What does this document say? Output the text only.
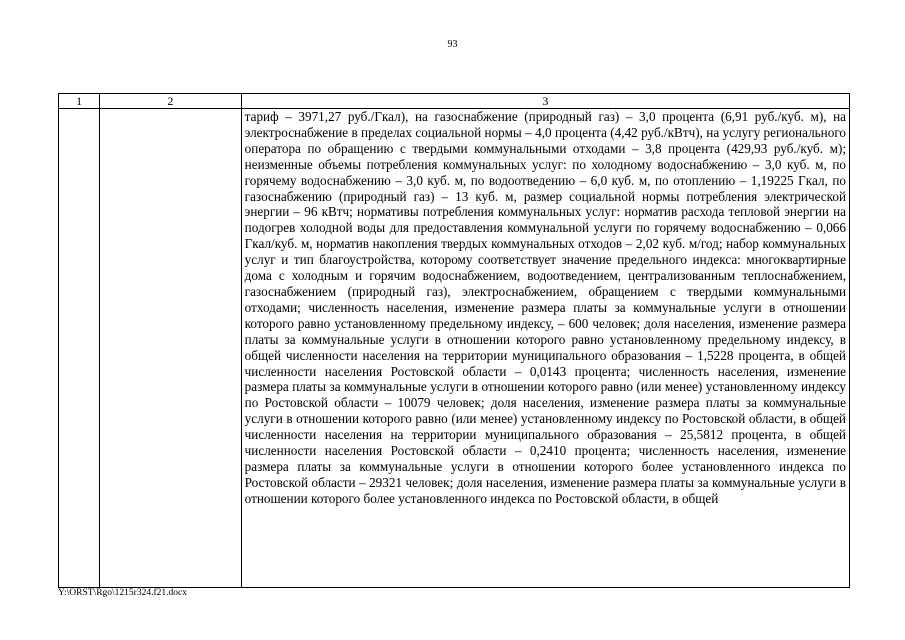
93
1	2	3
		тариф – 3971,27 руб./Гкал), на газоснабжение (природный газ) – 3,0 процента (6,91 руб./куб. м), на электроснабжение в пределах социальной нормы – 4,0 процента (4,42 руб./кВтч), на услугу регионального оператора по обращению с твердыми коммунальными отходами – 3,8 процента (429,93 руб./куб. м); неизменные объемы потребления коммунальных услуг: по холодному водоснабжению – 3,0 куб. м, по горячему водоснабжению – 3,0 куб. м, по водоотведению – 6,0 куб. м, по отоплению – 1,19225 Гкал, по газоснабжению (природный газ) – 13 куб. м, размер социальной нормы потребления электрической энергии – 96 кВтч; нормативы потребления коммунальных услуг: норматив расхода тепловой энергии на подогрев холодной воды для предоставления коммунальной услуги по горячему водоснабжению – 0,066 Гкал/куб. м, норматив накопления твердых коммунальных отходов – 2,02 куб. м/год; набор коммунальных услуг и тип благоустройства, которому соответствует значение предельного индекса: многоквартирные дома с холодным и горячим водоснабжением, водоотведением, централизованным теплоснабжением, газоснабжением (природный газ), электроснабжением, обращением с твердыми коммунальными отходами; численность населения, изменение размера платы за коммунальные услуги в отношении которого равно установленному предельному индексу, – 600 человек; доля населения, изменение размера платы за коммунальные услуги в отношении которого равно установленному предельному индексу, в общей численности населения на территории муниципального образования – 1,5228 процента, в общей численности населения Ростовской области – 0,0143 процента; численность населения, изменение размера платы за коммунальные услуги в отношении которого равно (или менее) установленному индексу по Ростовской области – 10079 человек; доля населения, изменение размера платы за коммунальные услуги в отношении которого равно (или менее) установленному индексу по Ростовской области, в общей численности населения на территории муниципального образования – 25,5812 процента, в общей численности населения Ростовской области – 0,2410 процента; численность населения, изменение размера платы за коммунальные услуги в отношении которого более установленного индекса по Ростовской области – 29321 человек; доля населения, изменение размера платы за коммунальные услуги в отношении которого более установленного индекса по Ростовской области, в общей
Y:\ORST\Rgo\1215r324.f21.docx
